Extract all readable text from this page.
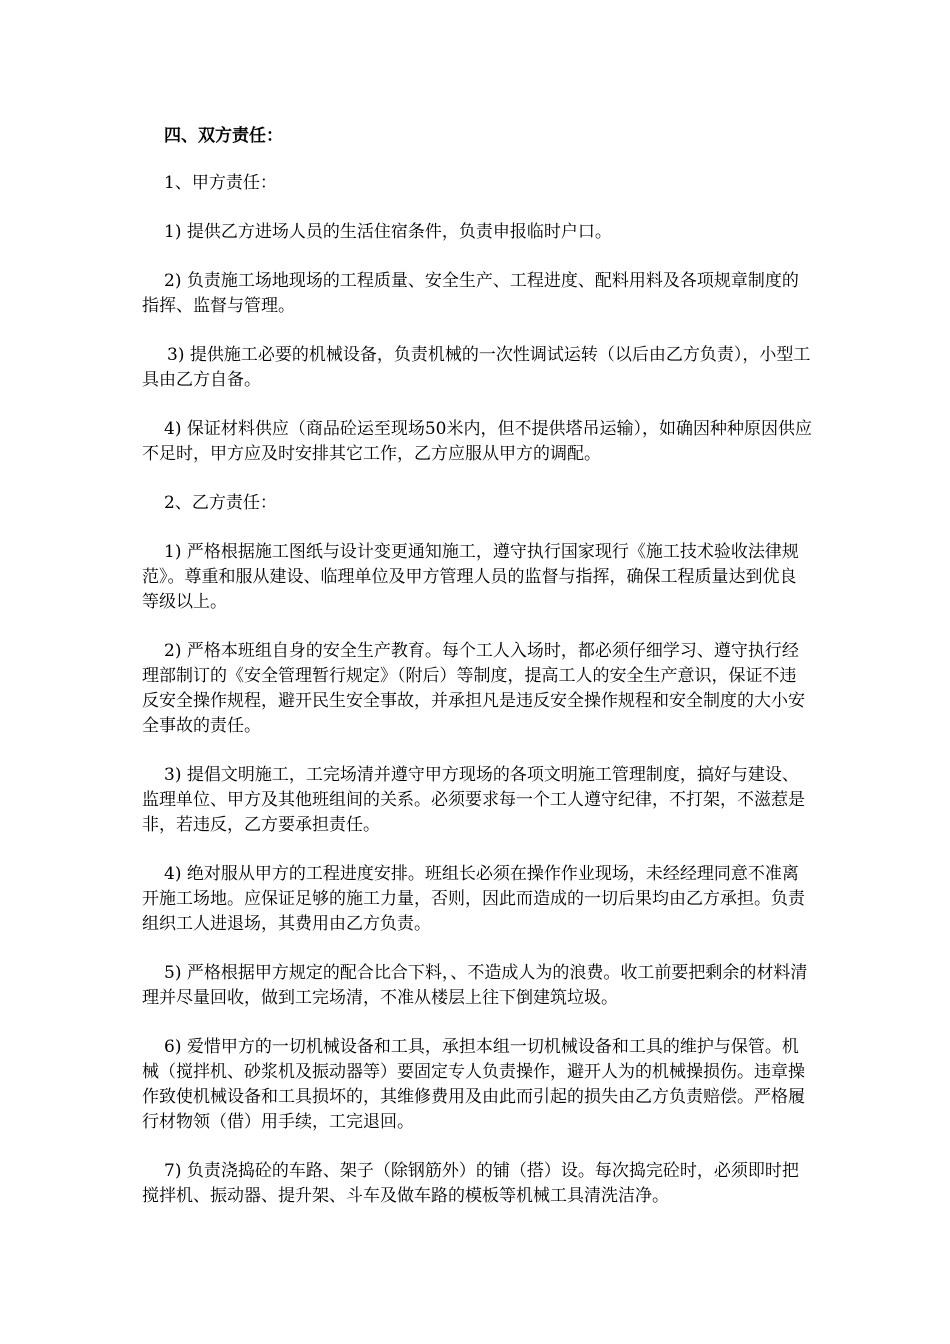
四、双方责任：

1、甲方责任：

1) 提供乙方进场人员的生活住宿条件，负责申报临时户口。

2) 负责施工场地现场的工程质量、安全生产、工程进度、配料用料及各项规章制度的指挥、监督与管理。

3) 提供施工必要的机械设备，负责机械的一次性调试运转（以后由乙方负责），小型工具由乙方自备。

4) 保证材料供应（商品砼运至现场50米内，但不提供塔吊运输），如确因种种原因供应不足时，甲方应及时安排其它工作，乙方应服从甲方的调配。

2、乙方责任：

1) 严格根据施工图纸与设计变更通知施工，遵守执行国家现行《施工技术验收法律规范》。尊重和服从建设、临理单位及甲方管理人员的监督与指挥，确保工程质量达到优良等级以上。

2) 严格本班组自身的安全生产教育。每个工人入场时，都必须仔细学习、遵守执行经理部制订的《安全管理暂行规定》（附后）等制度，提高工人的安全生产意识，保证不违反安全操作规程，避开民生安全事故，并承担凡是违反安全操作规程和安全制度的大小安全事故的责任。

3) 提倡文明施工，工完场清并遵守甲方现场的各项文明施工管理制度，搞好与建设、监理单位、甲方及其他班组间的关系。必须要求每一个工人遵守纪律，不打架，不滋惹是非，若违反，乙方要承担责任。

4) 绝对服从甲方的工程进度安排。班组长必须在操作作业现场，未经经理同意不准离开施工场地。应保证足够的施工力量，否则，因此而造成的一切后果均由乙方承担。负责组织工人进退场，其费用由乙方负责。

5) 严格根据甲方规定的配合比合下料，、不造成人为的浪费。收工前要把剩余的材料清理并尽量回收，做到工完场清，不准从楼层上往下倒建筑垃圾。

6) 爱惜甲方的一切机械设备和工具，承担本组一切机械设备和工具的维护与保管。机械（搅拌机、砂浆机及振动器等）要固定专人负责操作，避开人为的机械操损伤。违章操作致使机械设备和工具损坏的，其维修费用及由此而引起的损失由乙方负责赔偿。严格履行材物领（借）用手续，工完退回。

7) 负责浇捣砼的车路、架子（除钢筋外）的铺（搭）设。每次捣完砼时，必须即时把搅拌机、振动器、提升架、斗车及做车路的模板等机械工具清洗洁净。
